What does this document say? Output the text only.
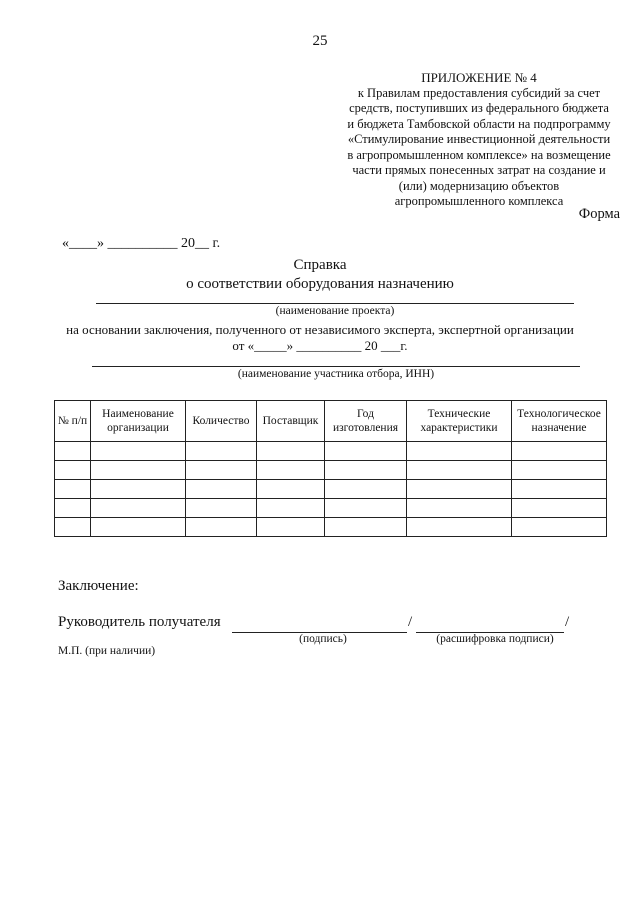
25
ПРИЛОЖЕНИЕ № 4
к Правилам предоставления субсидий за счет
средств, поступивших из федерального бюджета
и бюджета Тамбовской области на подпрограмму
«Стимулирование инвестиционной деятельности
в агропромышленном комплексе» на возмещение
части прямых понесенных затрат на создание и
(или) модернизацию объектов
агропромышленного комплекса
Форма
«____» __________ 20__ г.
Справка
о соответствии оборудования назначению
(наименование проекта)
на основании заключения, полученного от независимого эксперта, экспертной организации
от «_____» __________ 20 ___г.
(наименование участника отбора, ИНН)
№ п/п	Наименование организации	Количество	Поставщик	Год изготовления	Технические характеристики	Технологическое назначение

Заключение:
Руководитель получателя	/	/
(подпись)	(расшифровка подписи)
М.П. (при наличии)
